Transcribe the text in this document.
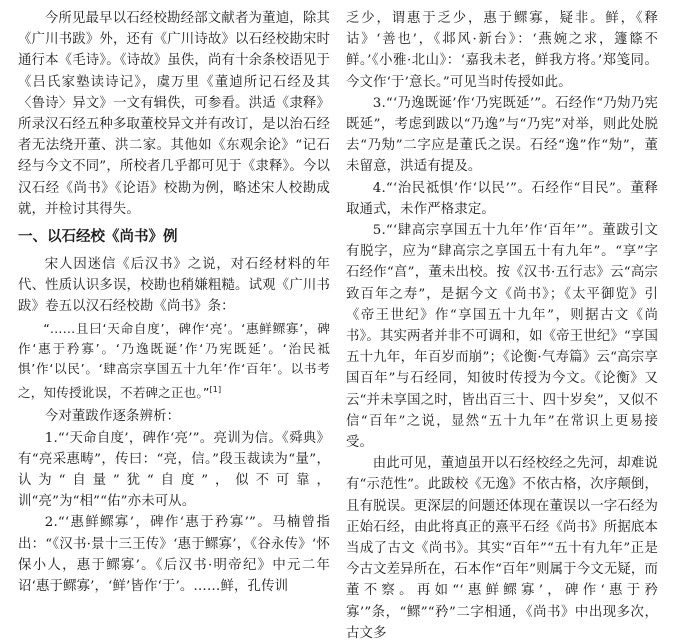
今所见最早以石经校勘经部文献者为董逌，除其《广川书跋》外，还有《广川诗故》以石经校勘宋时通行本《毛诗》。《诗故》虽佚，尚有十余条校语见于《吕氏家塾读诗记》，虞万里《董逌所记石经及其〈鲁诗〉异文》一文有辑佚，可参看。洪适《隶释》所录汉石经五种多取董校异文并有改订，是以治石经者无法绕开董、洪二家。其他如《东观余论》“记石经与今文不同”，所校者几乎都可见于《隶释》。今以汉石经《尚书》《论语》校勘为例，略述宋人校勘成就，并检讨其得失。

一、以石经校《尚书》例

宋人因迷信《后汉书》之说，对石经材料的年代、性质认识多误，校勘也稍嫌粗糙。试观《广川书跋》卷五以汉石经校勘《尚书》条：

“……且曰‘天命自度’，碑作‘亮’。‘惠鲜鳏寡’，碑作‘惠于矜寡’。‘乃逸既诞’作‘乃宪既延’。‘治民祗惧’作‘以民’。‘肆高宗享国五十九年’作‘百年’。以书考之，知传授讹误，不若碑之正也。”[1]

今对董跋作逐条辨析：

1.“‘天命自度’，碑作‘亮’”。亮训为信。《舜典》有“亮采惠畴”，传曰：“亮，信。”段玉裁读为“量”，认为“自量”犹“自度”，似不可靠，训“亮”为“相”“佑”亦未可从。

2.“‘惠鲜鳏寡’，碑作‘惠于矜寡’”。马楠曾指出：“《汉书·景十三王传》‘惠于鳏寡’，《谷永传》‘怀保小人，惠于鳏寡’。《后汉书·明帝纪》中元二年诏‘惠于鳏寡’，‘鲜’皆作‘于’。……鲜，孔传训

乏少，谓惠于乏少，惠于鳏寡，疑非。鲜，《释诂》‘善也’，《邶风·新台》：‘燕婉之求，籧篨不鲜。’《小雅·北山》：‘嘉我未老，鲜我方将。’郑笺同。今文作‘于’意长。”可见当时传授如此。

3.“‘乃逸既诞’作‘乃宪既延’”。石经作“乃劮乃宪既延”，考虑到跋以“乃逸”与“乃宪”对举，则此处脱去“乃劮”二字应是董氏之误。石经“逸”作“劮”，董未留意，洪适有提及。

4.“‘治民祗惧’作‘以民’”。石经作“目民”。董释取通式，未作严格隶定。

5.“‘肆高宗享国五十九年’作‘百年’”。董跋引文有脱字，应为“肆高宗之享国五十有九年”。“享”字石经作“亯”，董未出校。按《汉书·五行志》云“高宗致百年之寿”，是据今文《尚书》；《太平御览》引《帝王世纪》作“享国五十九年”，则据古文《尚书》。其实两者并非不可调和，如《帝王世纪》“享国五十九年，年百岁而崩”；《论衡·气寿篇》云“高宗享国百年”与石经同，知彼时传授为今文。《论衡》又云“并未享国之时，皆出百三十、四十岁矣”，又似不信“百年”之说，显然“五十九年”在常识上更易接受。

由此可见，董逌虽开以石经校经之先河，却难说有“示范性”。此跋校《无逸》不依古格，次序颠倒，且有脱误。更深层的问题还体现在董误以一字石经为正始石经，由此将真正的熹平石经《尚书》所据底本当成了古文《尚书》。其实“百年”“五十有九年”正是今古文差异所在，石本作“百年”则属于今文无疑，而董不察。再如“‘惠鲜鳏寡’，碑作‘惠于矜寡’”条，“鳏”“矜”二字相通，《尚书》中出现多次，古文多
